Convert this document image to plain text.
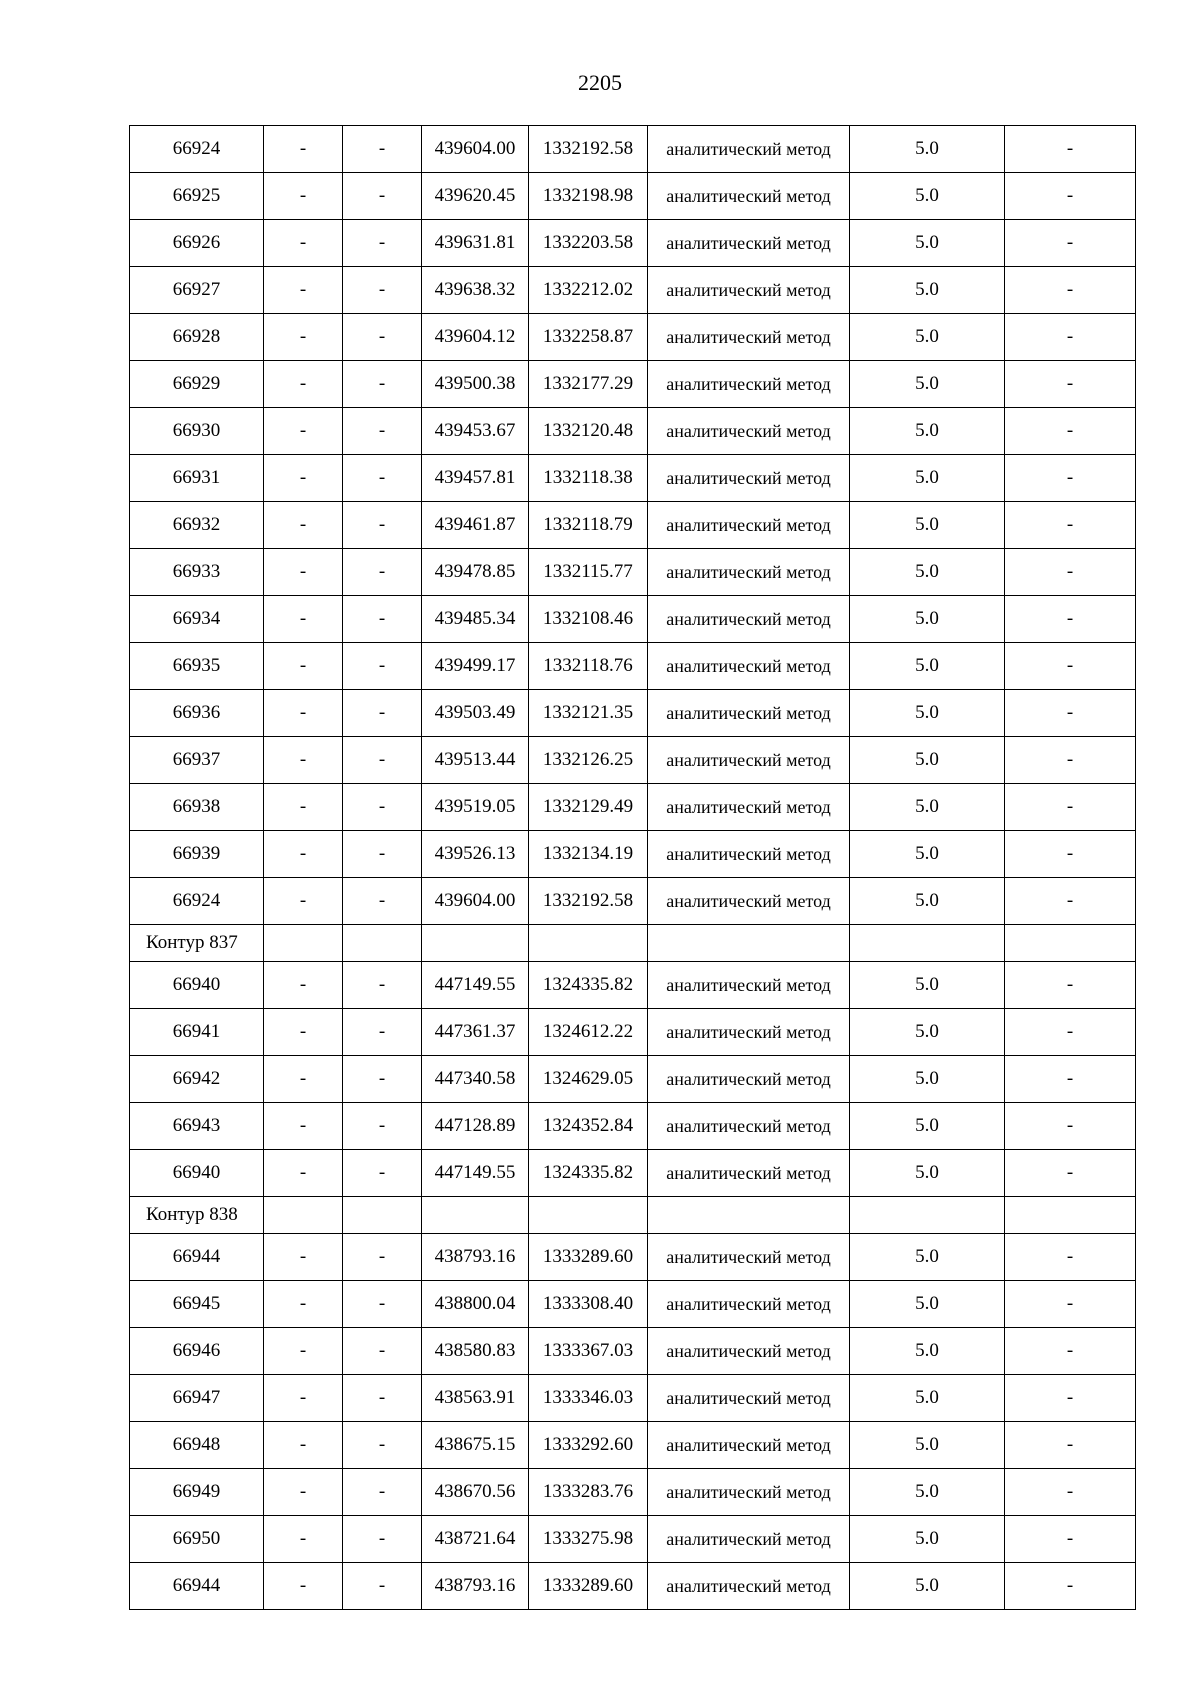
2205
66924	-	-	439604.00	1332192.58	аналитический метод	5.0	-
66925	-	-	439620.45	1332198.98	аналитический метод	5.0	-
66926	-	-	439631.81	1332203.58	аналитический метод	5.0	-
66927	-	-	439638.32	1332212.02	аналитический метод	5.0	-
66928	-	-	439604.12	1332258.87	аналитический метод	5.0	-
66929	-	-	439500.38	1332177.29	аналитический метод	5.0	-
66930	-	-	439453.67	1332120.48	аналитический метод	5.0	-
66931	-	-	439457.81	1332118.38	аналитический метод	5.0	-
66932	-	-	439461.87	1332118.79	аналитический метод	5.0	-
66933	-	-	439478.85	1332115.77	аналитический метод	5.0	-
66934	-	-	439485.34	1332108.46	аналитический метод	5.0	-
66935	-	-	439499.17	1332118.76	аналитический метод	5.0	-
66936	-	-	439503.49	1332121.35	аналитический метод	5.0	-
66937	-	-	439513.44	1332126.25	аналитический метод	5.0	-
66938	-	-	439519.05	1332129.49	аналитический метод	5.0	-
66939	-	-	439526.13	1332134.19	аналитический метод	5.0	-
66924	-	-	439604.00	1332192.58	аналитический метод	5.0	-
Контур 837							
66940	-	-	447149.55	1324335.82	аналитический метод	5.0	-
66941	-	-	447361.37	1324612.22	аналитический метод	5.0	-
66942	-	-	447340.58	1324629.05	аналитический метод	5.0	-
66943	-	-	447128.89	1324352.84	аналитический метод	5.0	-
66940	-	-	447149.55	1324335.82	аналитический метод	5.0	-
Контур 838							
66944	-	-	438793.16	1333289.60	аналитический метод	5.0	-
66945	-	-	438800.04	1333308.40	аналитический метод	5.0	-
66946	-	-	438580.83	1333367.03	аналитический метод	5.0	-
66947	-	-	438563.91	1333346.03	аналитический метод	5.0	-
66948	-	-	438675.15	1333292.60	аналитический метод	5.0	-
66949	-	-	438670.56	1333283.76	аналитический метод	5.0	-
66950	-	-	438721.64	1333275.98	аналитический метод	5.0	-
66944	-	-	438793.16	1333289.60	аналитический метод	5.0	-
